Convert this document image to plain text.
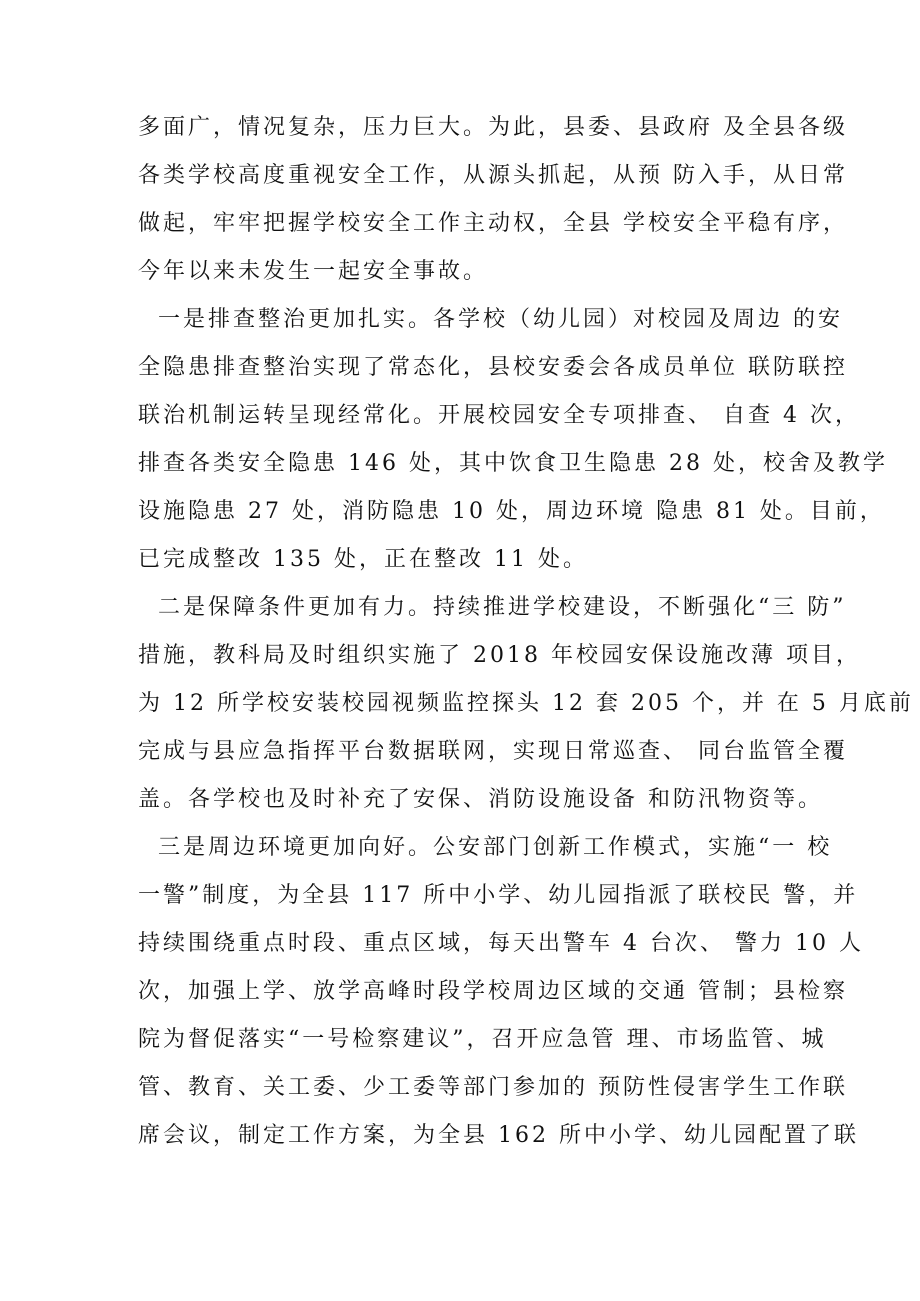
多面广，情况复杂，压力巨大。为此，县委、县政府 及全县各级
各类学校高度重视安全工作，从源头抓起，从预 防入手，从日常
做起，牢牢把握学校安全工作主动权，全县 学校安全平稳有序，
今年以来未发生一起安全事故。
一是排查整治更加扎实。各学校（幼儿园）对校园及周边 的安
全隐患排查整治实现了常态化，县校安委会各成员单位 联防联控
联治机制运转呈现经常化。开展校园安全专项排查、 自查 4 次，
排查各类安全隐患 146 处，其中饮食卫生隐患 28 处，校舍及教学
设施隐患 27 处，消防隐患 10 处，周边环境 隐患 81 处。目前，
已完成整改 135 处，正在整改 11 处。
二是保障条件更加有力。持续推进学校建设，不断强化“三 防”
措施，教科局及时组织实施了 2018 年校园安保设施改薄 项目，
为 12 所学校安装校园视频监控探头 12 套 205 个，并 在 5 月底前
完成与县应急指挥平台数据联网，实现日常巡查、 同台监管全覆
盖。各学校也及时补充了安保、消防设施设备 和防汛物资等。
三是周边环境更加向好。公安部门创新工作模式，实施“一 校
一警”制度，为全县 117 所中小学、幼儿园指派了联校民 警，并
持续围绕重点时段、重点区域，每天出警车 4 台次、 警力 10 人
次，加强上学、放学高峰时段学校周边区域的交通 管制；县检察
院为督促落实“一号检察建议”，召开应急管 理、市场监管、城
管、教育、关工委、少工委等部门参加的 预防性侵害学生工作联
席会议，制定工作方案，为全县 162 所中小学、幼儿园配置了联
